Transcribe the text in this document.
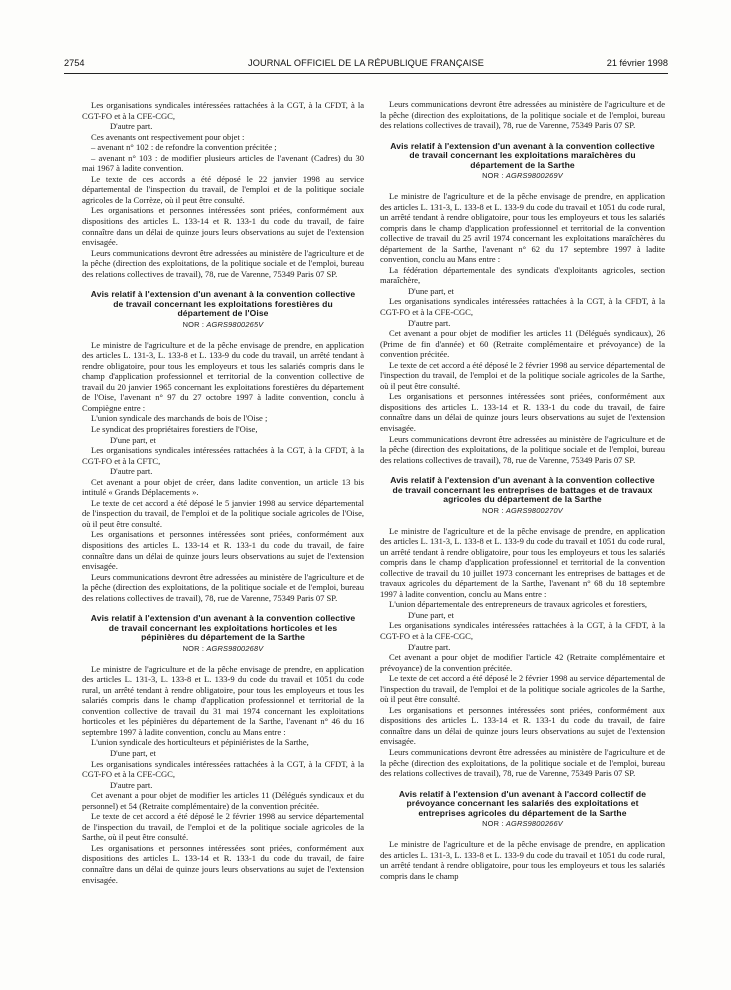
2754	JOURNAL OFFICIEL DE LA RÉPUBLIQUE FRANÇAISE	21 février 1998

Les organisations syndicales intéressées rattachées à la CGT, à la CFDT, à la CGT-FO et à la CFE-CGC,

D'autre part.

Ces avenants ont respectivement pour objet :

– avenant n° 102 : de refondre la convention précitée ;

– avenant n° 103 : de modifier plusieurs articles de l'avenant (Cadres) du 30 mai 1967 à ladite convention.

Le texte de ces accords a été déposé le 22 janvier 1998 au service départemental de l'inspection du travail, de l'emploi et de la politique sociale agricoles de la Corrèze, où il peut être consulté.

Les organisations et personnes intéressées sont priées, conformément aux dispositions des articles L. 133-14 et R. 133-1 du code du travail, de faire connaître dans un délai de quinze jours leurs observations au sujet de l'extension envisagée.

Leurs communications devront être adressées au ministère de l'agriculture et de la pêche (direction des exploitations, de la politique sociale et de l'emploi, bureau des relations collectives de travail), 78, rue de Varenne, 75349 Paris 07 SP.

Avis relatif à l'extension d'un avenant à la convention collective de travail concernant les exploitations forestières du département de l'Oise
NOR : AGRS9800265V

Le ministre de l'agriculture et de la pêche envisage de prendre, en application des articles L. 131-3, L. 133-8 et L. 133-9 du code du travail, un arrêté tendant à rendre obligatoire, pour tous les employeurs et tous les salariés compris dans le champ d'application professionnel et territorial de la convention collective de travail du 20 janvier 1965 concernant les exploitations forestières du département de l'Oise, l'avenant n° 97 du 27 octobre 1997 à ladite convention, conclu à Compiègne entre :

L'union syndicale des marchands de bois de l'Oise ;

Le syndicat des propriétaires forestiers de l'Oise,

D'une part, et

Les organisations syndicales intéressées rattachées à la CGT, à la CFDT, à la CGT-FO et à la CFTC,

D'autre part.

Cet avenant a pour objet de créer, dans ladite convention, un article 13 bis intitulé « Grands Déplacements ».

Le texte de cet accord a été déposé le 5 janvier 1998 au service départemental de l'inspection du travail, de l'emploi et de la politique sociale agricoles de l'Oise, où il peut être consulté.

Les organisations et personnes intéressées sont priées, conformément aux dispositions des articles L. 133-14 et R. 133-1 du code du travail, de faire connaître dans un délai de quinze jours leurs observations au sujet de l'extension envisagée.

Leurs communications devront être adressées au ministère de l'agriculture et de la pêche (direction des exploitations, de la politique sociale et de l'emploi, bureau des relations collectives de travail), 78, rue de Varenne, 75349 Paris 07 SP.

Avis relatif à l'extension d'un avenant à la convention collective de travail concernant les exploitations horticoles et les pépinières du département de la Sarthe
NOR : AGRS9800268V

Le ministre de l'agriculture et de la pêche envisage de prendre, en application des articles L. 131-3, L. 133-8 et L. 133-9 du code du travail et 1051 du code rural, un arrêté tendant à rendre obligatoire, pour tous les employeurs et tous les salariés compris dans le champ d'application professionnel et territorial de la convention collective de travail du 31 mai 1974 concernant les exploitations horticoles et les pépinières du département de la Sarthe, l'avenant n° 46 du 16 septembre 1997 à ladite convention, conclu au Mans entre :

L'union syndicale des horticulteurs et pépiniéristes de la Sarthe,

D'une part, et

Les organisations syndicales intéressées rattachées à la CGT, à la CFDT, à la CGT-FO et à la CFE-CGC,

D'autre part.

Cet avenant a pour objet de modifier les articles 11 (Délégués syndicaux et du personnel) et 54 (Retraite complémentaire) de la convention précitée.

Le texte de cet accord a été déposé le 2 février 1998 au service départemental de l'inspection du travail, de l'emploi et de la politique sociale agricoles de la Sarthe, où il peut être consulté.

Les organisations et personnes intéressées sont priées, conformément aux dispositions des articles L. 133-14 et R. 133-1 du code du travail, de faire connaître dans un délai de quinze jours leurs observations au sujet de l'extension envisagée.

Leurs communications devront être adressées au ministère de l'agriculture et de la pêche (direction des exploitations, de la politique sociale et de l'emploi, bureau des relations collectives de travail), 78, rue de Varenne, 75349 Paris 07 SP.

Avis relatif à l'extension d'un avenant à la convention collective de travail concernant les exploitations maraîchères du département de la Sarthe
NOR : AGRS9800269V

Le ministre de l'agriculture et de la pêche envisage de prendre, en application des articles L. 131-3, L. 133-8 et L. 133-9 du code du travail et 1051 du code rural, un arrêté tendant à rendre obligatoire, pour tous les employeurs et tous les salariés compris dans le champ d'application professionnel et territorial de la convention collective de travail du 25 avril 1974 concernant les exploitations maraîchères du département de la Sarthe, l'avenant n° 62 du 17 septembre 1997 à ladite convention, conclu au Mans entre :

La fédération départementale des syndicats d'exploitants agricoles, section maraîchère,

D'une part, et

Les organisations syndicales intéressées rattachées à la CGT, à la CFDT, à la CGT-FO et à la CFE-CGC,

D'autre part.

Cet avenant a pour objet de modifier les articles 11 (Délégués syndicaux), 26 (Prime de fin d'année) et 60 (Retraite complémentaire et prévoyance) de la convention précitée.

Le texte de cet accord a été déposé le 2 février 1998 au service départemental de l'inspection du travail, de l'emploi et de la politique sociale agricoles de la Sarthe, où il peut être consulté.

Les organisations et personnes intéressées sont priées, conformément aux dispositions des articles L. 133-14 et R. 133-1 du code du travail, de faire connaître dans un délai de quinze jours leurs observations au sujet de l'extension envisagée.

Leurs communications devront être adressées au ministère de l'agriculture et de la pêche (direction des exploitations, de la politique sociale et de l'emploi, bureau des relations collectives de travail), 78, rue de Varenne, 75349 Paris 07 SP.

Avis relatif à l'extension d'un avenant à la convention collective de travail concernant les entreprises de battages et de travaux agricoles du département de la Sarthe
NOR : AGRS9800270V

Le ministre de l'agriculture et de la pêche envisage de prendre, en application des articles L. 131-3, L. 133-8 et L. 133-9 du code du travail et 1051 du code rural, un arrêté tendant à rendre obligatoire, pour tous les employeurs et tous les salariés compris dans le champ d'application professionnel et territorial de la convention collective de travail du 10 juillet 1973 concernant les entreprises de battages et de travaux agricoles du département de la Sarthe, l'avenant n° 68 du 18 septembre 1997 à ladite convention, conclu au Mans entre :

L'union départementale des entrepreneurs de travaux agricoles et forestiers,

D'une part, et

Les organisations syndicales intéressées rattachées à la CGT, à la CFDT, à la CGT-FO et à la CFE-CGC,

D'autre part.

Cet avenant a pour objet de modifier l'article 42 (Retraite complémentaire et prévoyance) de la convention précitée.

Le texte de cet accord a été déposé le 2 février 1998 au service départemental de l'inspection du travail, de l'emploi et de la politique sociale agricoles de la Sarthe, où il peut être consulté.

Les organisations et personnes intéressées sont priées, conformément aux dispositions des articles L. 133-14 et R. 133-1 du code du travail, de faire connaître dans un délai de quinze jours leurs observations au sujet de l'extension envisagée.

Leurs communications devront être adressées au ministère de l'agriculture et de la pêche (direction des exploitations, de la politique sociale et de l'emploi, bureau des relations collectives de travail), 78, rue de Varenne, 75349 Paris 07 SP.

Avis relatif à l'extension d'un avenant à l'accord collectif de prévoyance concernant les salariés des exploitations et entreprises agricoles du département de la Sarthe
NOR : AGRS9800266V

Le ministre de l'agriculture et de la pêche envisage de prendre, en application des articles L. 131-3, L. 133-8 et L. 133-9 du code du travail et 1051 du code rural, un arrêté tendant à rendre obligatoire, pour tous les employeurs et tous les salariés compris dans le champ
